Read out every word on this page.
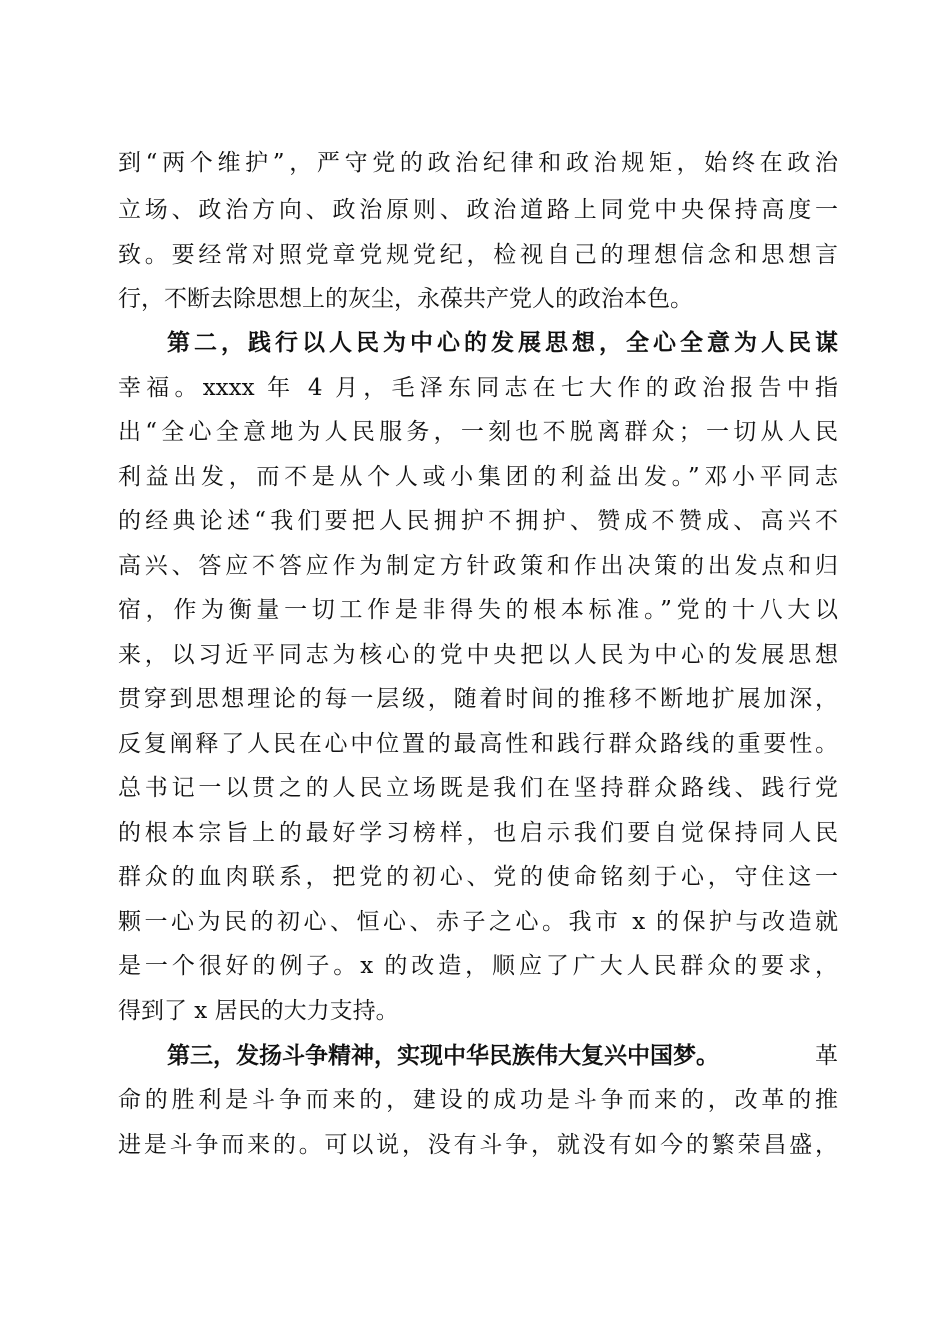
到“两个维护”，严守党的政治纪律和政治规矩，始终在政治
立场、政治方向、政治原则、政治道路上同党中央保持高度一
致。要经常对照党章党规党纪，检视自己的理想信念和思想言
行，不断去除思想上的灰尘，永葆共产党人的政治本色。
第二，践行以人民为中心的发展思想，全心全意为人民谋
幸福。xxxx 年 4 月，毛泽东同志在七大作的政治报告中指
出“全心全意地为人民服务，一刻也不脱离群众；一切从人民
利益出发，而不是从个人或小集团的利益出发。”邓小平同志
的经典论述“我们要把人民拥护不拥护、赞成不赞成、高兴不
高兴、答应不答应作为制定方针政策和作出决策的出发点和归
宿，作为衡量一切工作是非得失的根本标准。”党的十八大以
来，以习近平同志为核心的党中央把以人民为中心的发展思想
贯穿到思想理论的每一层级，随着时间的推移不断地扩展加深，
反复阐释了人民在心中位置的最高性和践行群众路线的重要性。
总书记一以贯之的人民立场既是我们在坚持群众路线、践行党
的根本宗旨上的最好学习榜样，也启示我们要自觉保持同人民
群众的血肉联系，把党的初心、党的使命铭刻于心，守住这一
颗一心为民的初心、恒心、赤子之心。我市 x 的保护与改造就
是一个很好的例子。x 的改造，顺应了广大人民群众的要求，
得到了 x 居民的大力支持。
第三，发扬斗争精神，实现中华民族伟大复兴中国梦。	革
命的胜利是斗争而来的，建设的成功是斗争而来的，改革的推
进是斗争而来的。可以说，没有斗争，就没有如今的繁荣昌盛，
